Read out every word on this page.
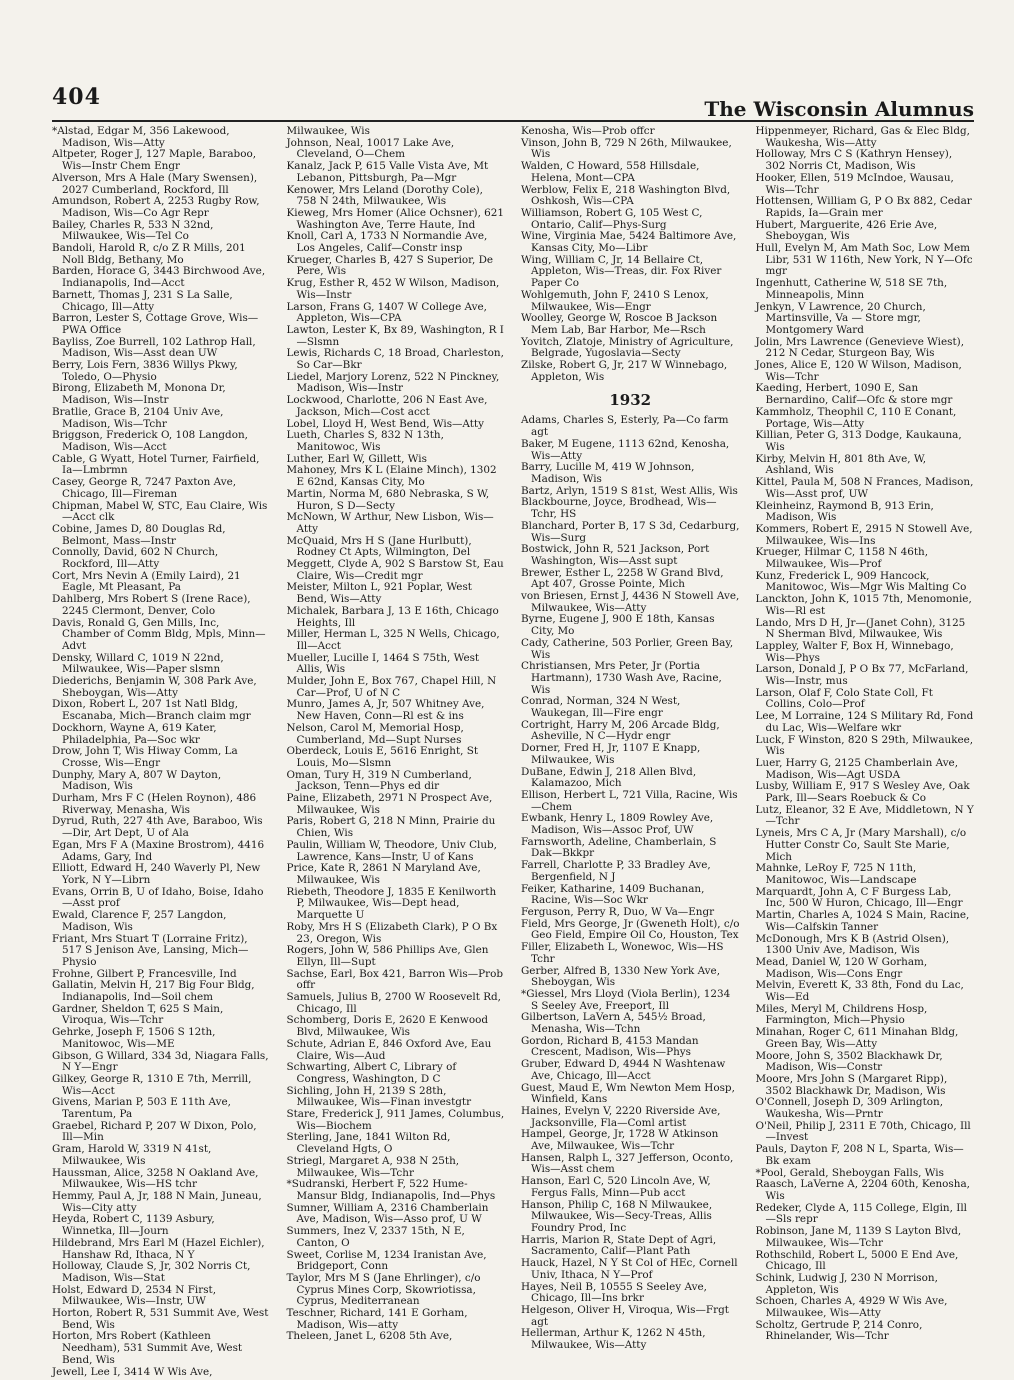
404	The Wisconsin Alumnus

*Alstad, Edgar M, 356 Lakewood, Madison, Wis—Atty

Altpeter, Roger J, 127 Maple, Baraboo, Wis—Instr Chem Engr

Alverson, Mrs A Hale (Mary Swensen), 2027 Cumberland, Rockford, Ill

Amundson, Robert A, 2253 Rugby Row, Madison, Wis—Co Agr Repr

Bailey, Charles R, 533 N 32nd, Milwaukee, Wis—Tel Co

Bandoli, Harold R, c/o Z R Mills, 201 Noll Bldg, Bethany, Mo

Barden, Horace G, 3443 Birchwood Ave, Indianapolis, Ind—Acct

Barnett, Thomas J, 231 S La Salle, Chicago, Ill—Atty

Barron, Lester S, Cottage Grove, Wis—PWA Office

Bayliss, Zoe Burrell, 102 Lathrop Hall, Madison, Wis—Asst dean UW

Berry, Lois Fern, 3836 Willys Pkwy, Toledo, O—Physio

Birong, Elizabeth M, Monona Dr, Madison, Wis—Instr

Bratlie, Grace B, 2104 Univ Ave, Madison, Wis—Tchr

Briggson, Frederick O, 108 Langdon, Madison, Wis—Acct

Cable, G Wyatt, Hotel Turner, Fairfield, Ia—Lmbrmn

Casey, George R, 7247 Paxton Ave, Chicago, Ill—Fireman

Chipman, Mabel W, STC, Eau Claire, Wis—Acct clk

Cobine, James D, 80 Douglas Rd, Belmont, Mass—Instr

Connolly, David, 602 N Church, Rockford, Ill—Atty

Cort, Mrs Nevin A (Emily Laird), 21 Eagle, Mt Pleasant, Pa

Dahlberg, Mrs Robert S (Irene Race), 2245 Clermont, Denver, Colo

Davis, Ronald G, Gen Mills, Inc, Chamber of Comm Bldg, Mpls, Minn—Advt

Densky, Willard C, 1019 N 22nd, Milwaukee, Wis—Paper slsmn

Diederichs, Benjamin W, 308 Park Ave, Sheboygan, Wis—Atty

Dixon, Robert L, 207 1st Natl Bldg, Escanaba, Mich—Branch claim mgr

Dockhorn, Wayne A, 619 Kater, Philadelphia, Pa—Soc wkr

Drow, John T, Wis Hiway Comm, La Crosse, Wis—Engr

Dunphy, Mary A, 807 W Dayton, Madison, Wis

Durham, Mrs F C (Helen Roynon), 486 Riverway, Menasha, Wis

Dyrud, Ruth, 227 4th Ave, Baraboo, Wis—Dir, Art Dept, U of Ala

Egan, Mrs F A (Maxine Brostrom), 4416 Adams, Gary, Ind

Elliott, Edward H, 240 Waverly Pl, New York, N Y—Librn

Evans, Orrin B, U of Idaho, Boise, Idaho—Asst prof

Ewald, Clarence F, 257 Langdon, Madison, Wis

Friant, Mrs Stuart T (Lorraine Fritz), 517 S Jenison Ave, Lansing, Mich—Physio

Frohne, Gilbert P, Francesville, Ind

Gallatin, Melvin H, 217 Big Four Bldg, Indianapolis, Ind—Soil chem

Gardner, Sheldon T, 625 S Main, Viroqua, Wis—Tchr

Gehrke, Joseph F, 1506 S 12th, Manitowoc, Wis—ME

Gibson, G Willard, 334 3d, Niagara Falls, N Y—Engr

Gilkey, George R, 1310 E 7th, Merrill, Wis—Acct

Givens, Marian P, 503 E 11th Ave, Tarentum, Pa

Graebel, Richard P, 207 W Dixon, Polo, Ill—Min

Gram, Harold W, 3319 N 41st, Milwaukee, Wis

Haussman, Alice, 3258 N Oakland Ave, Milwaukee, Wis—HS tchr

Hemmy, Paul A, Jr, 188 N Main, Juneau, Wis—City atty

Heyda, Robert C, 1139 Asbury, Winnetka, Ill—Journ

Hildebrand, Mrs Earl M (Hazel Eichler), Hanshaw Rd, Ithaca, N Y

Holloway, Claude S, Jr, 302 Norris Ct, Madison, Wis—Stat

Holst, Edward D, 2534 N First, Milwaukee, Wis—Instr, UW

Horton, Robert R, 531 Summit Ave, West Bend, Wis

Horton, Mrs Robert (Kathleen Needham), 531 Summit Ave, West Bend, Wis

Jewell, Lee I, 3414 W Wis Ave,

Milwaukee, Wis

Johnson, Neal, 10017 Lake Ave, Cleveland, O—Chem

Kanalz, Jack P, 615 Valle Vista Ave, Mt Lebanon, Pittsburgh, Pa—Mgr

Kenower, Mrs Leland (Dorothy Cole), 758 N 24th, Milwaukee, Wis

Kieweg, Mrs Homer (Alice Ochsner), 621 Washington Ave, Terre Haute, Ind

Knoll, Carl A, 1733 N Normandie Ave, Los Angeles, Calif—Constr insp

Krueger, Charles B, 427 S Superior, De Pere, Wis

Krug, Esther R, 452 W Wilson, Madison, Wis—Instr

Larson, Frans G, 1407 W College Ave, Appleton, Wis—CPA

Lawton, Lester K, Bx 89, Washington, R I—Slsmn

Lewis, Richards C, 18 Broad, Charleston, So Car—Bkr

Liedel, Marjory Lorenz, 522 N Pinckney, Madison, Wis—Instr

Lockwood, Charlotte, 206 N East Ave, Jackson, Mich—Cost acct

Lobel, Lloyd H, West Bend, Wis—Atty

Lueth, Charles S, 832 N 13th, Manitowoc, Wis

Luther, Earl W, Gillett, Wis

Mahoney, Mrs K L (Elaine Minch), 1302 E 62nd, Kansas City, Mo

Martin, Norma M, 680 Nebraska, S W, Huron, S D—Secty

McNown, W Arthur, New Lisbon, Wis—Atty

McQuaid, Mrs H S (Jane Hurlbutt), Rodney Ct Apts, Wilmington, Del

Meggett, Clyde A, 902 S Barstow St, Eau Claire, Wis—Credit mgr

Meister, Milton L, 921 Poplar, West Bend, Wis—Atty

Michalek, Barbara J, 13 E 16th, Chicago Heights, Ill

Miller, Herman L, 325 N Wells, Chicago, Ill—Acct

Mueller, Lucille I, 1464 S 75th, West Allis, Wis

Mulder, John E, Box 767, Chapel Hill, N Car—Prof, U of N C

Munro, James A, Jr, 507 Whitney Ave, New Haven, Conn—Rl est & ins

Nelson, Carol M, Memorial Hosp, Cumberland, Md—Supt Nurses

Oberdeck, Louis E, 5616 Enright, St Louis, Mo—Slsmn

Oman, Tury H, 319 N Cumberland, Jackson, Tenn—Phys ed dir

Paine, Elizabeth, 2971 N Prospect Ave, Milwaukee, Wis

Paris, Robert G, 218 N Minn, Prairie du Chien, Wis

Paulin, William W, Theodore, Univ Club, Lawrence, Kans—Instr, U of Kans

Price, Kate R, 2861 N Maryland Ave, Milwaukee, Wis

Riebeth, Theodore J, 1835 E Kenilworth P, Milwaukee, Wis—Dept head, Marquette U

Roby, Mrs H S (Elizabeth Clark), P O Bx 23, Oregon, Wis

Rogers, John W, 586 Phillips Ave, Glen Ellyn, Ill—Supt

Sachse, Earl, Box 421, Barron Wis—Prob offr

Samuels, Julius B, 2700 W Roosevelt Rd, Chicago, Ill

Schomberg, Doris E, 2620 E Kenwood Blvd, Milwaukee, Wis

Schute, Adrian E, 846 Oxford Ave, Eau Claire, Wis—Aud

Schwarting, Albert C, Library of Congress, Washington, D C

Sichling, John H, 2139 S 28th, Milwaukee, Wis—Finan investgtr

Stare, Frederick J, 911 James, Columbus, Wis—Biochem

Sterling, Jane, 1841 Wilton Rd, Cleveland Hgts, O

Striegl, Margaret A, 938 N 25th, Milwaukee, Wis—Tchr

*Sudranski, Herbert F, 522 Hume-Mansur Bldg, Indianapolis, Ind—Phys

Sumner, William A, 2316 Chamberlain Ave, Madison, Wis—Asso prof, U W

Summers, Inez V, 2337 15th, N E, Canton, O

Sweet, Corlise M, 1234 Iranistan Ave, Bridgeport, Conn

Taylor, Mrs M S (Jane Ehrlinger), c/o Cyprus Mines Corp, Skowriotissa, Cyprus, Mediterranean

Teschner, Richard, 141 E Gorham, Madison, Wis—atty

Theleen, Janet L, 6208 5th Ave,

Kenosha, Wis—Prob offcr

Vinson, John B, 729 N 26th, Milwaukee, Wis

Walden, C Howard, 558 Hillsdale, Helena, Mont—CPA

Werblow, Felix E, 218 Washington Blvd, Oshkosh, Wis—CPA

Williamson, Robert G, 105 West C, Ontario, Calif—Phys-Surg

Wine, Virginia Mae, 5424 Baltimore Ave, Kansas City, Mo—Libr

Wing, William C, Jr, 14 Bellaire Ct, Appleton, Wis—Treas, dir. Fox River Paper Co

Wohlgemuth, John F, 2410 S Lenox, Milwaukee, Wis—Engr

Woolley, George W, Roscoe B Jackson Mem Lab, Bar Harbor, Me—Rsch

Yovitch, Zlatoje, Ministry of Agriculture, Belgrade, Yugoslavia—Secty

Zilske, Robert G, Jr, 217 W Winnebago, Appleton, Wis

1932

Adams, Charles S, Esterly, Pa—Co farm agt

Baker, M Eugene, 1113 62nd, Kenosha, Wis—Atty

Barry, Lucille M, 419 W Johnson, Madison, Wis

Bartz, Arlyn, 1519 S 81st, West Allis, Wis

Blackbourne, Joyce, Brodhead, Wis—Tchr, HS

Blanchard, Porter B, 17 S 3d, Cedarburg, Wis—Surg

Bostwick, John R, 521 Jackson, Port Washington, Wis—Asst supt

Brewer, Esther L, 2258 W Grand Blvd, Apt 407, Grosse Pointe, Mich

von Briesen, Ernst J, 4436 N Stowell Ave, Milwaukee, Wis—Atty

Byrne, Eugene J, 900 E 18th, Kansas City, Mo

Cady, Catherine, 503 Porlier, Green Bay, Wis

Christiansen, Mrs Peter, Jr (Portia Hartmann), 1730 Wash Ave, Racine, Wis

Conrad, Norman, 324 N West, Waukegan, Ill—Fire engr

Cortright, Harry M, 206 Arcade Bldg, Asheville, N C—Hydr engr

Dorner, Fred H, Jr, 1107 E Knapp, Milwaukee, Wis

DuBane, Edwin J, 218 Allen Blvd, Kalamazoo, Mich

Ellison, Herbert L, 721 Villa, Racine, Wis—Chem

Ewbank, Henry L, 1809 Rowley Ave, Madison, Wis—Assoc Prof, UW

Farnsworth, Adeline, Chamberlain, S Dak—Bkkpr

Farrell, Charlotte P, 33 Bradley Ave, Bergenfield, N J

Feiker, Katharine, 1409 Buchanan, Racine, Wis—Soc Wkr

Ferguson, Perry R, Duo, W Va—Engr

Field, Mrs George, Jr (Gweneth Holt), c/o Geo Field, Empire Oil Co, Houston, Tex

Filler, Elizabeth L, Wonewoc, Wis—HS Tchr

Gerber, Alfred B, 1330 New York Ave, Sheboygan, Wis

*Giessel, Mrs Lloyd (Viola Berlin), 1234 S Seeley Ave, Freeport, Ill

Gilbertson, LaVern A, 545½ Broad, Menasha, Wis—Tchn

Gordon, Richard B, 4153 Mandan Crescent, Madison, Wis—Phys

Gruber, Edward D, 4944 N Washtenaw Ave, Chicago, Ill—Acct

Guest, Maud E, Wm Newton Mem Hosp, Winfield, Kans

Haines, Evelyn V, 2220 Riverside Ave, Jacksonville, Fla—Coml artist

Hampel, George, Jr, 1728 W Atkinson Ave, Milwaukee, Wis—Tchr

Hansen, Ralph L, 327 Jefferson, Oconto, Wis—Asst chem

Hanson, Earl C, 520 Lincoln Ave, W, Fergus Falls, Minn—Pub acct

Hanson, Philip C, 168 N Milwaukee, Milwaukee, Wis—Secy-Treas, Allis Foundry Prod, Inc

Harris, Marion R, State Dept of Agri, Sacramento, Calif—Plant Path

Hauck, Hazel, N Y St Col of HEc, Cornell Univ, Ithaca, N Y—Prof

Hayes, Neil B, 10555 S Seeley Ave, Chicago, Ill—Ins brkr

Helgeson, Oliver H, Viroqua, Wis—Frgt agt

Hellerman, Arthur K, 1262 N 45th, Milwaukee, Wis—Atty

Hippenmeyer, Richard, Gas & Elec Bldg, Waukesha, Wis—Atty

Holloway, Mrs C S (Kathryn Hensey), 302 Norris Ct, Madison, Wis

Hooker, Ellen, 519 McIndoe, Wausau, Wis—Tchr

Hottensen, William G, P O Bx 882, Cedar Rapids, Ia—Grain mer

Hubert, Marguerite, 426 Erie Ave, Sheboygan, Wis

Hull, Evelyn M, Am Math Soc, Low Mem Libr, 531 W 116th, New York, N Y—Ofc mgr

Ingenhutt, Catherine W, 518 SE 7th, Minneapolis, Minn

Jenkyn, V Lawrence, 20 Church, Martinsville, Va — Store mgr, Montgomery Ward

Jolin, Mrs Lawrence (Genevieve Wiest), 212 N Cedar, Sturgeon Bay, Wis

Jones, Alice E, 120 W Wilson, Madison, Wis—Tchr

Kaeding, Herbert, 1090 E, San Bernardino, Calif—Ofc & store mgr

Kammholz, Theophil C, 110 E Conant, Portage, Wis—Atty

Killian, Peter G, 313 Dodge, Kaukauna, Wis

Kirby, Melvin H, 801 8th Ave, W, Ashland, Wis

Kittel, Paula M, 508 N Frances, Madison, Wis—Asst prof, UW

Kleinheinz, Raymond B, 913 Erin, Madison, Wis

Kommers, Robert E, 2915 N Stowell Ave, Milwaukee, Wis—Ins

Krueger, Hilmar C, 1158 N 46th, Milwaukee, Wis—Prof

Kunz, Frederick L, 909 Hancock, Manitowoc, Wis—Mgr Wis Malting Co

Lanckton, John K, 1015 7th, Menomonie, Wis—Rl est

Lando, Mrs D H, Jr—(Janet Cohn), 3125 N Sherman Blvd, Milwaukee, Wis

Lappley, Walter F, Box H, Winnebago, Wis—Phys

Larson, Donald J, P O Bx 77, McFarland, Wis—Instr, mus

Larson, Olaf F, Colo State Coll, Ft Collins, Colo—Prof

Lee, M Lorraine, 124 S Military Rd, Fond du Lac, Wis—Welfare wkr

Luck, F Winston, 820 S 29th, Milwaukee, Wis

Luer, Harry G, 2125 Chamberlain Ave, Madison, Wis—Agt USDA

Lusby, William E, 917 S Wesley Ave, Oak Park, Ill—Sears Roebuck & Co

Lutz, Eleanor, 32 E Ave, Middletown, N Y—Tchr

Lyneis, Mrs C A, Jr (Mary Marshall), c/o Hutter Constr Co, Sault Ste Marie, Mich

Mahnke, LeRoy F, 725 N 11th, Manitowoc, Wis—Landscape

Marquardt, John A, C F Burgess Lab, Inc, 500 W Huron, Chicago, Ill—Engr

Martin, Charles A, 1024 S Main, Racine, Wis—Calfskin Tanner

McDonough, Mrs K B (Astrid Olsen), 1300 Univ Ave, Madison, Wis

Mead, Daniel W, 120 W Gorham, Madison, Wis—Cons Engr

Melvin, Everett K, 33 8th, Fond du Lac, Wis—Ed

Miles, Meryl M, Childrens Hosp, Farmington, Mich—Physio

Minahan, Roger C, 611 Minahan Bldg, Green Bay, Wis—Atty

Moore, John S, 3502 Blackhawk Dr, Madison, Wis—Constr

Moore, Mrs John S (Margaret Ripp), 3502 Blackhawk Dr, Madison, Wis

O'Connell, Joseph D, 309 Arlington, Waukesha, Wis—Prntr

O'Neil, Philip J, 2311 E 70th, Chicago, Ill—Invest

Pauls, Dayton F, 208 N L, Sparta, Wis—Bk exam

*Pool, Gerald, Sheboygan Falls, Wis

Raasch, LaVerne A, 2204 60th, Kenosha, Wis

Redeker, Clyde A, 115 College, Elgin, Ill—Sls repr

Robinson, Jane M, 1139 S Layton Blvd, Milwaukee, Wis—Tchr

Rothschild, Robert L, 5000 E End Ave, Chicago, Ill

Schink, Ludwig J, 230 N Morrison, Appleton, Wis

Schoen, Charles A, 4929 W Wis Ave, Milwaukee, Wis—Atty

Scholtz, Gertrude P, 214 Conro, Rhinelander, Wis—Tchr
